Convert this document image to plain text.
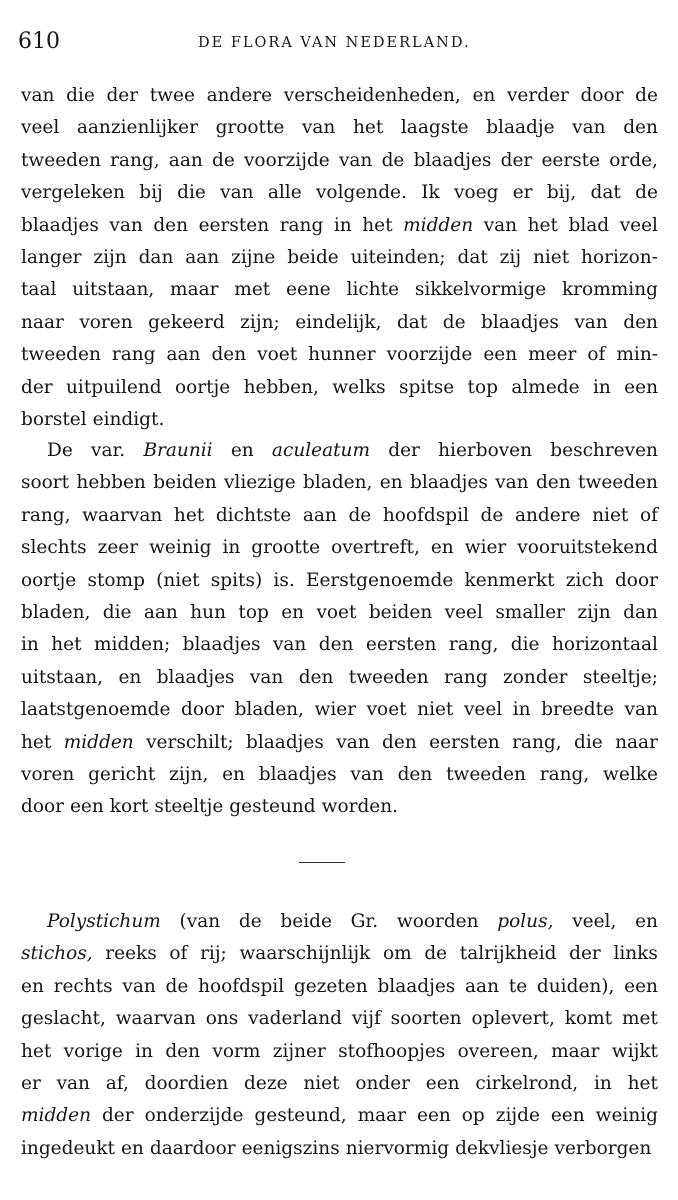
610	DE FLORA VAN NEDERLAND.
van die der twee andere verscheidenheden, en verder door de
veel aanzienlijker grootte van het laagste blaadje van den
tweeden rang, aan de voorzijde van de blaadjes der eerste orde,
vergeleken bij die van alle volgende. Ik voeg er bij, dat de
blaadjes van den eersten rang in het midden van het blad veel
langer zijn dan aan zijne beide uiteinden; dat zij niet horizon-
taal uitstaan, maar met eene lichte sikkelvormige kromming
naar voren gekeerd zijn; eindelijk, dat de blaadjes van den
tweeden rang aan den voet hunner voorzijde een meer of min-
der uitpuilend oortje hebben, welks spitse top almede in een
borstel eindigt.
De var. Braunii en aculeatum der hierboven beschreven
soort hebben beiden vliezige bladen, en blaadjes van den tweeden
rang, waarvan het dichtste aan de hoofdspil de andere niet of
slechts zeer weinig in grootte overtreft, en wier vooruitstekend
oortje stomp (niet spits) is. Eerstgenoemde kenmerkt zich door
bladen, die aan hun top en voet beiden veel smaller zijn dan
in het midden; blaadjes van den eersten rang, die horizontaal
uitstaan, en blaadjes van den tweeden rang zonder steeltje;
laatstgenoemde door bladen, wier voet niet veel in breedte van
het midden verschilt; blaadjes van den eersten rang, die naar
voren gericht zijn, en blaadjes van den tweeden rang, welke
door een kort steeltje gesteund worden.
Polystichum (van de beide Gr. woorden polus, veel, en
stichos, reeks of rij; waarschijnlijk om de talrijkheid der links
en rechts van de hoofdspil gezeten blaadjes aan te duiden), een
geslacht, waarvan ons vaderland vijf soorten oplevert, komt met
het vorige in den vorm zijner stofhoopjes overeen, maar wijkt
er van af, doordien deze niet onder een cirkelrond, in het
midden der onderzijde gesteund, maar een op zijde een weinig
ingedeukt en daardoor eenigszins niervormig dekvliesje verborgen
